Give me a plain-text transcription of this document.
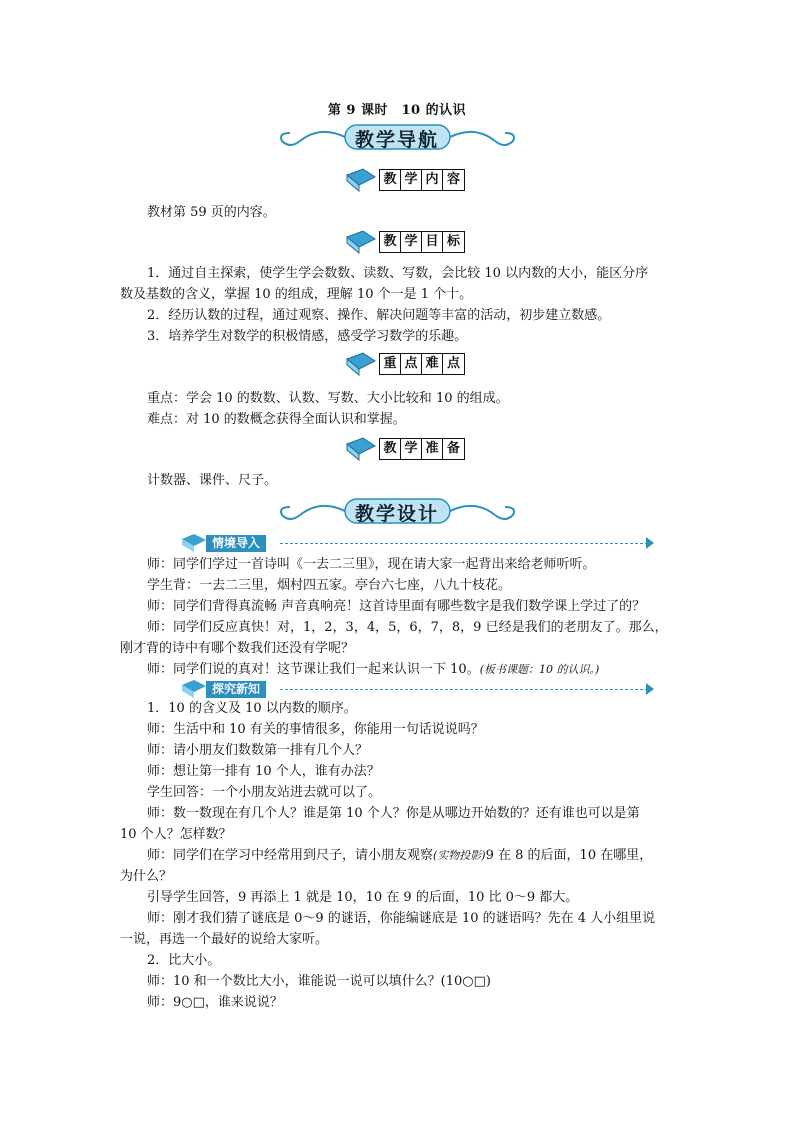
第 9 课时　10 的认识
教学导航
教 学 内 容
教材第 59 页的内容。
教 学 目 标
1．通过自主探索，使学生学会数数、读数、写数，会比较 10 以内数的大小，能区分序
数及基数的含义，掌握 10 的组成，理解 10 个一是 1 个十。
2．经历认数的过程，通过观察、操作、解决问题等丰富的活动，初步建立数感。
3．培养学生对数学的积极情感，感受学习数学的乐趣。
重 点 难 点
重点：学会 10 的数数、认数、写数、大小比较和 10 的组成。
难点：对 10 的数概念获得全面认识和掌握。
教 学 准 备
计数器、课件、尺子。
教学设计
情境导入
师：同学们学过一首诗叫《一去二三里》，现在请大家一起背出来给老师听听。
学生背：一去二三里，烟村四五家。亭台六七座，八九十枝花。
师：同学们背得真流畅 声音真响亮！这首诗里面有哪些数字是我们数学课上学过了的？
师：同学们反应真快！对，1，2，3，4，5，6，7，8，9 已经是我们的老朋友了。那么，
刚才背的诗中有哪个数我们还没有学呢？
师：同学们说的真对！这节课让我们一起来认识一下 10。(板书课题：10 的认识。)
探究新知
1．10 的含义及 10 以内数的顺序。
师：生活中和 10 有关的事情很多，你能用一句话说说吗？
师：请小朋友们数数第一排有几个人？
师：想让第一排有 10 个人，谁有办法？
学生回答：一个小朋友站进去就可以了。
师：数一数现在有几个人？谁是第 10 个人？你是从哪边开始数的？还有谁也可以是第
10 个人？怎样数？
师：同学们在学习中经常用到尺子，请小朋友观察(实物投影)9 在 8 的后面，10 在哪里，
为什么？
引导学生回答，9 再添上 1 就是 10，10 在 9 的后面，10 比 0～9 都大。
师：刚才我们猜了谜底是 0～9 的谜语，你能编谜底是 10 的谜语吗？先在 4 人小组里说
一说，再选一个最好的说给大家听。
2．比大小。
师：10 和一个数比大小，谁能说一说可以填什么？(10○□)
师：9○□，谁来说说？
